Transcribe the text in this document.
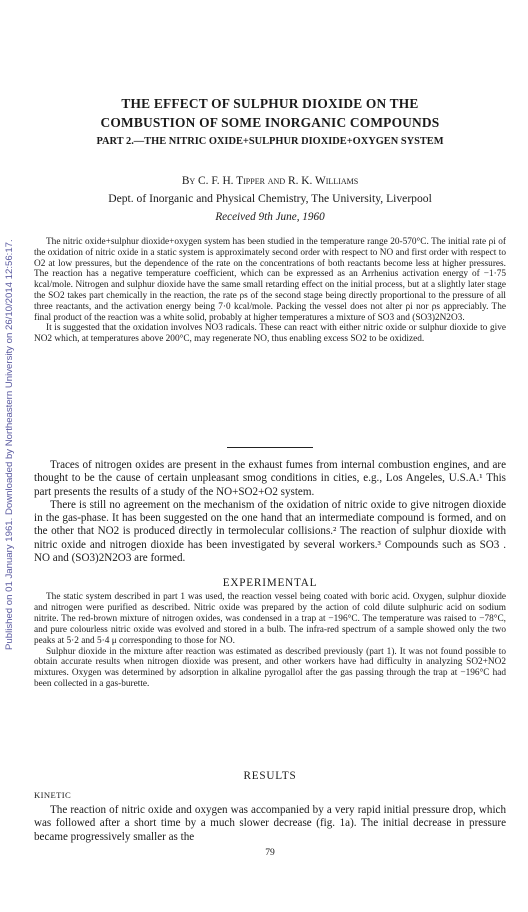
Published on 01 January 1961. Downloaded by Northeastern University on 26/10/2014 12:56:17.
THE EFFECT OF SULPHUR DIOXIDE ON THE
COMBUSTION OF SOME INORGANIC COMPOUNDS
PART 2.—THE NITRIC OXIDE+SULPHUR DIOXIDE+OXYGEN SYSTEM
By C. F. H. Tipper and R. K. Williams
Dept. of Inorganic and Physical Chemistry, The University, Liverpool
Received 9th June, 1960

The nitric oxide+sulphur dioxide+oxygen system has been studied in the temperature range 20-570°C. The initial rate ρi of the oxidation of nitric oxide in a static system is approximately second order with respect to NO and first order with respect to O2 at low pressures, but the dependence of the rate on the concentrations of both reactants become less at higher pressures. The reaction has a negative temperature coefficient, which can be expressed as an Arrhenius activation energy of −1·75 kcal/mole. Nitrogen and sulphur dioxide have the same small retarding effect on the initial process, but at a slightly later stage the SO2 takes part chemically in the reaction, the rate ρs of the second stage being directly proportional to the pressure of all three reactants, and the activation energy being 7·0 kcal/mole. Packing the vessel does not alter ρi nor ρs appreciably. The final product of the reaction was a white solid, probably at higher temperatures a mixture of SO3 and (SO3)2N2O3.

It is suggested that the oxidation involves NO3 radicals. These can react with either nitric oxide or sulphur dioxide to give NO2 which, at temperatures above 200°C, may regenerate NO, thus enabling excess SO2 to be oxidized.

Traces of nitrogen oxides are present in the exhaust fumes from internal combustion engines, and are thought to be the cause of certain unpleasant smog conditions in cities, e.g., Los Angeles, U.S.A.¹ This part presents the results of a study of the NO+SO2+O2 system.

There is still no agreement on the mechanism of the oxidation of nitric oxide to give nitrogen dioxide in the gas-phase. It has been suggested on the one hand that an intermediate compound is formed, and on the other that NO2 is produced directly in termolecular collisions.² The reaction of sulphur dioxide with nitric oxide and nitrogen dioxide has been investigated by several workers.³ Compounds such as SO3 . NO and (SO3)2N2O3 are formed.

EXPERIMENTAL

The static system described in part 1 was used, the reaction vessel being coated with boric acid. Oxygen, sulphur dioxide and nitrogen were purified as described. Nitric oxide was prepared by the action of cold dilute sulphuric acid on sodium nitrite. The red-brown mixture of nitrogen oxides, was condensed in a trap at −196°C. The temperature was raised to −78°C, and pure colourless nitric oxide was evolved and stored in a bulb. The infra-red spectrum of a sample showed only the two peaks at 5·2 and 5·4 μ corresponding to those for NO.

Sulphur dioxide in the mixture after reaction was estimated as described previously (part 1). It was not found possible to obtain accurate results when nitrogen dioxide was present, and other workers have had difficulty in analyzing SO2+NO2 mixtures. Oxygen was determined by adsorption in alkaline pyrogallol after the gas passing through the trap at −196°C had been collected in a gas-burette.

RESULTS
KINETIC

The reaction of nitric oxide and oxygen was accompanied by a very rapid initial pressure drop, which was followed after a short time by a much slower decrease (fig. 1a). The initial decrease in pressure became progressively smaller as the

79
